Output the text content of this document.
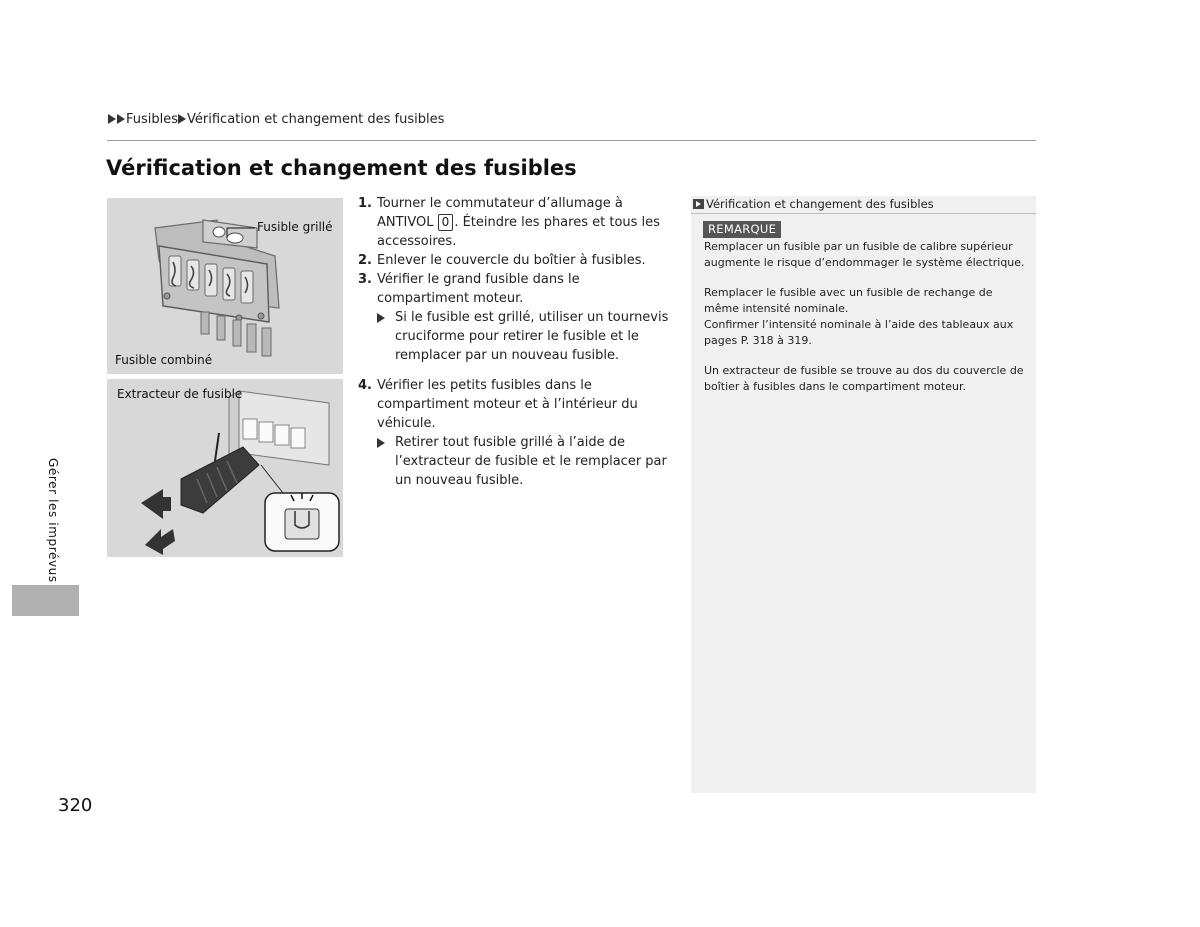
Fusibles Vérification et changement des fusibles
Vérification et changement des fusibles
Fusible grillé
Fusible combiné
Extracteur de fusible
1. Tourner le commutateur d’allumage à ANTIVOL 0 . Éteindre les phares et tous les accessoires.
2. Enlever le couvercle du boîtier à fusibles.
3. Vérifier le grand fusible dans le compartiment moteur.
Si le fusible est grillé, utiliser un tournevis cruciforme pour retirer le fusible et le remplacer par un nouveau fusible.
4. Vérifier les petits fusibles dans le compartiment moteur et à l’intérieur du véhicule.
Retirer tout fusible grillé à l’aide de l’extracteur de fusible et le remplacer par un nouveau fusible.
Vérification et changement des fusibles
REMARQUE

Remplacer un fusible par un fusible de calibre supérieur augmente le risque d’endommager le système électrique.

Remplacer le fusible avec un fusible de rechange de même intensité nominale.

Confirmer l’intensité nominale à l’aide des tableaux aux pages P. 318 à 319.

Un extracteur de fusible se trouve au dos du couvercle de boîtier à fusibles dans le compartiment moteur.

Gérer les imprévus
320
